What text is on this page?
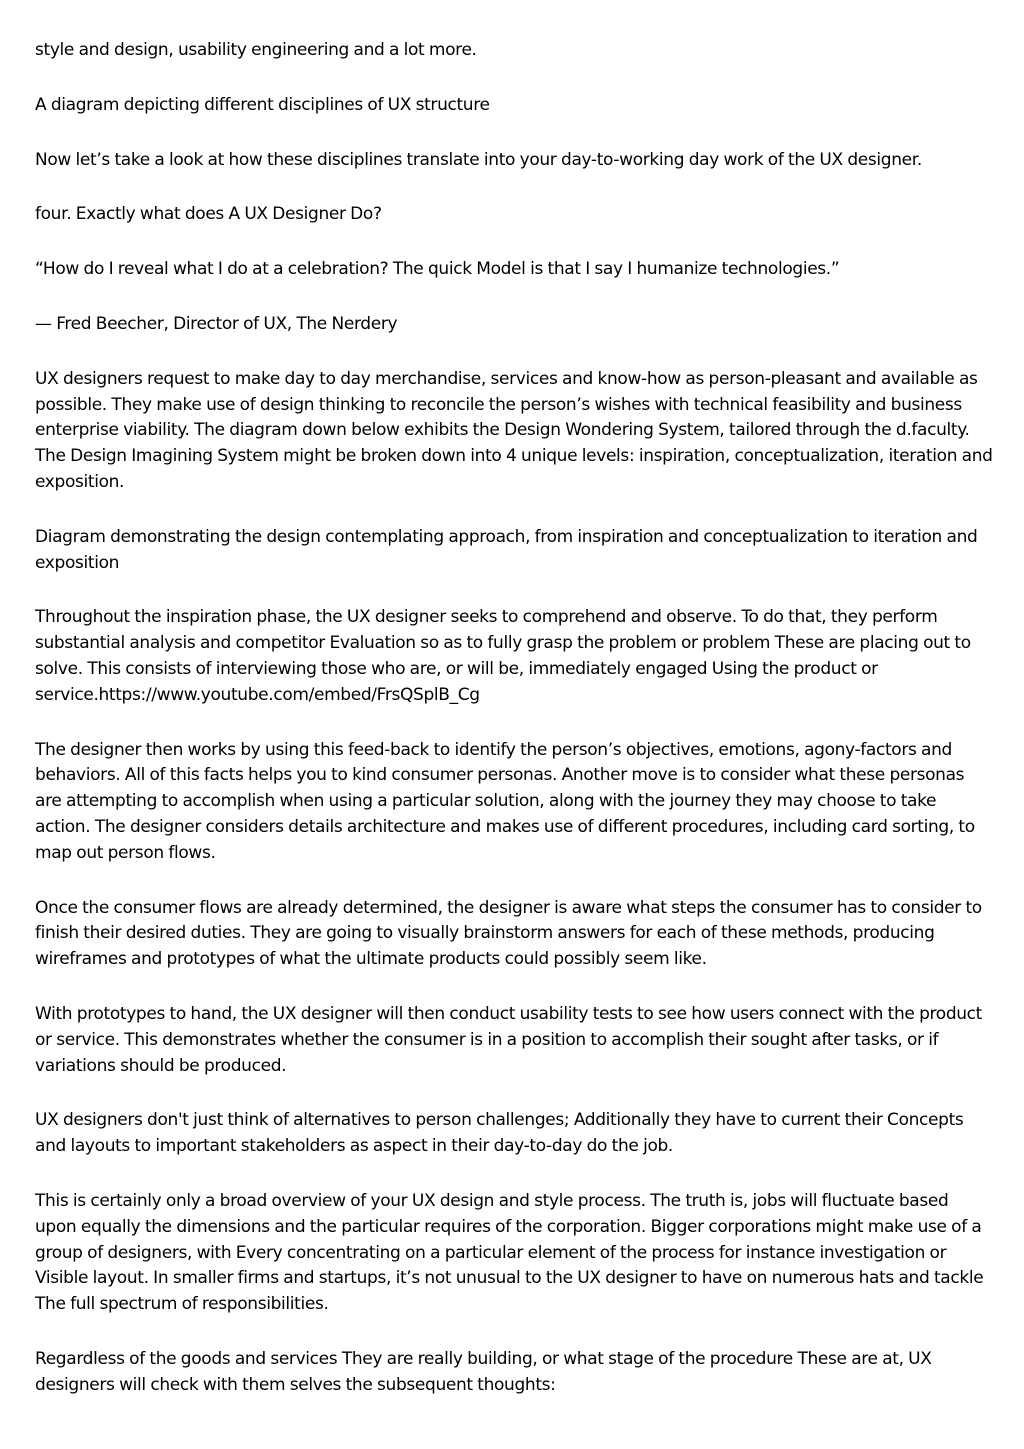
style and design, usability engineering and a lot more.

A diagram depicting different disciplines of UX structure

Now let’s take a look at how these disciplines translate into your day-to-working day work of the UX designer.

four. Exactly what does A UX Designer Do?

“How do I reveal what I do at a celebration? The quick Model is that I say I humanize technologies.”

— Fred Beecher, Director of UX, The Nerdery

UX designers request to make day to day merchandise, services and know-how as person-pleasant and available as possible. They make use of design thinking to reconcile the person’s wishes with technical feasibility and business enterprise viability. The diagram down below exhibits the Design Wondering System, tailored through the d.faculty. The Design Imagining System might be broken down into 4 unique levels: inspiration, conceptualization, iteration and exposition.

Diagram demonstrating the design contemplating approach, from inspiration and conceptualization to iteration and exposition

Throughout the inspiration phase, the UX designer seeks to comprehend and observe. To do that, they perform substantial analysis and competitor Evaluation so as to fully grasp the problem or problem These are placing out to solve. This consists of interviewing those who are, or will be, immediately engaged Using the product or service.https://www.youtube.com/embed/FrsQSplB_Cg

The designer then works by using this feed-back to identify the person’s objectives, emotions, agony-factors and behaviors. All of this facts helps you to kind consumer personas. Another move is to consider what these personas are attempting to accomplish when using a particular solution, along with the journey they may choose to take action. The designer considers details architecture and makes use of different procedures, including card sorting, to map out person flows.

Once the consumer flows are already determined, the designer is aware what steps the consumer has to consider to finish their desired duties. They are going to visually brainstorm answers for each of these methods, producing wireframes and prototypes of what the ultimate products could possibly seem like.

With prototypes to hand, the UX designer will then conduct usability tests to see how users connect with the product or service. This demonstrates whether the consumer is in a position to accomplish their sought after tasks, or if variations should be produced.

UX designers don't just think of alternatives to person challenges; Additionally they have to current their Concepts and layouts to important stakeholders as aspect in their day-to-day do the job.

This is certainly only a broad overview of your UX design and style process. The truth is, jobs will fluctuate based upon equally the dimensions and the particular requires of the corporation. Bigger corporations might make use of a group of designers, with Every concentrating on a particular element of the process for instance investigation or Visible layout. In smaller firms and startups, it’s not unusual to the UX designer to have on numerous hats and tackle The full spectrum of responsibilities.

Regardless of the goods and services They are really building, or what stage of the procedure These are at, UX designers will check with them selves the subsequent thoughts:
